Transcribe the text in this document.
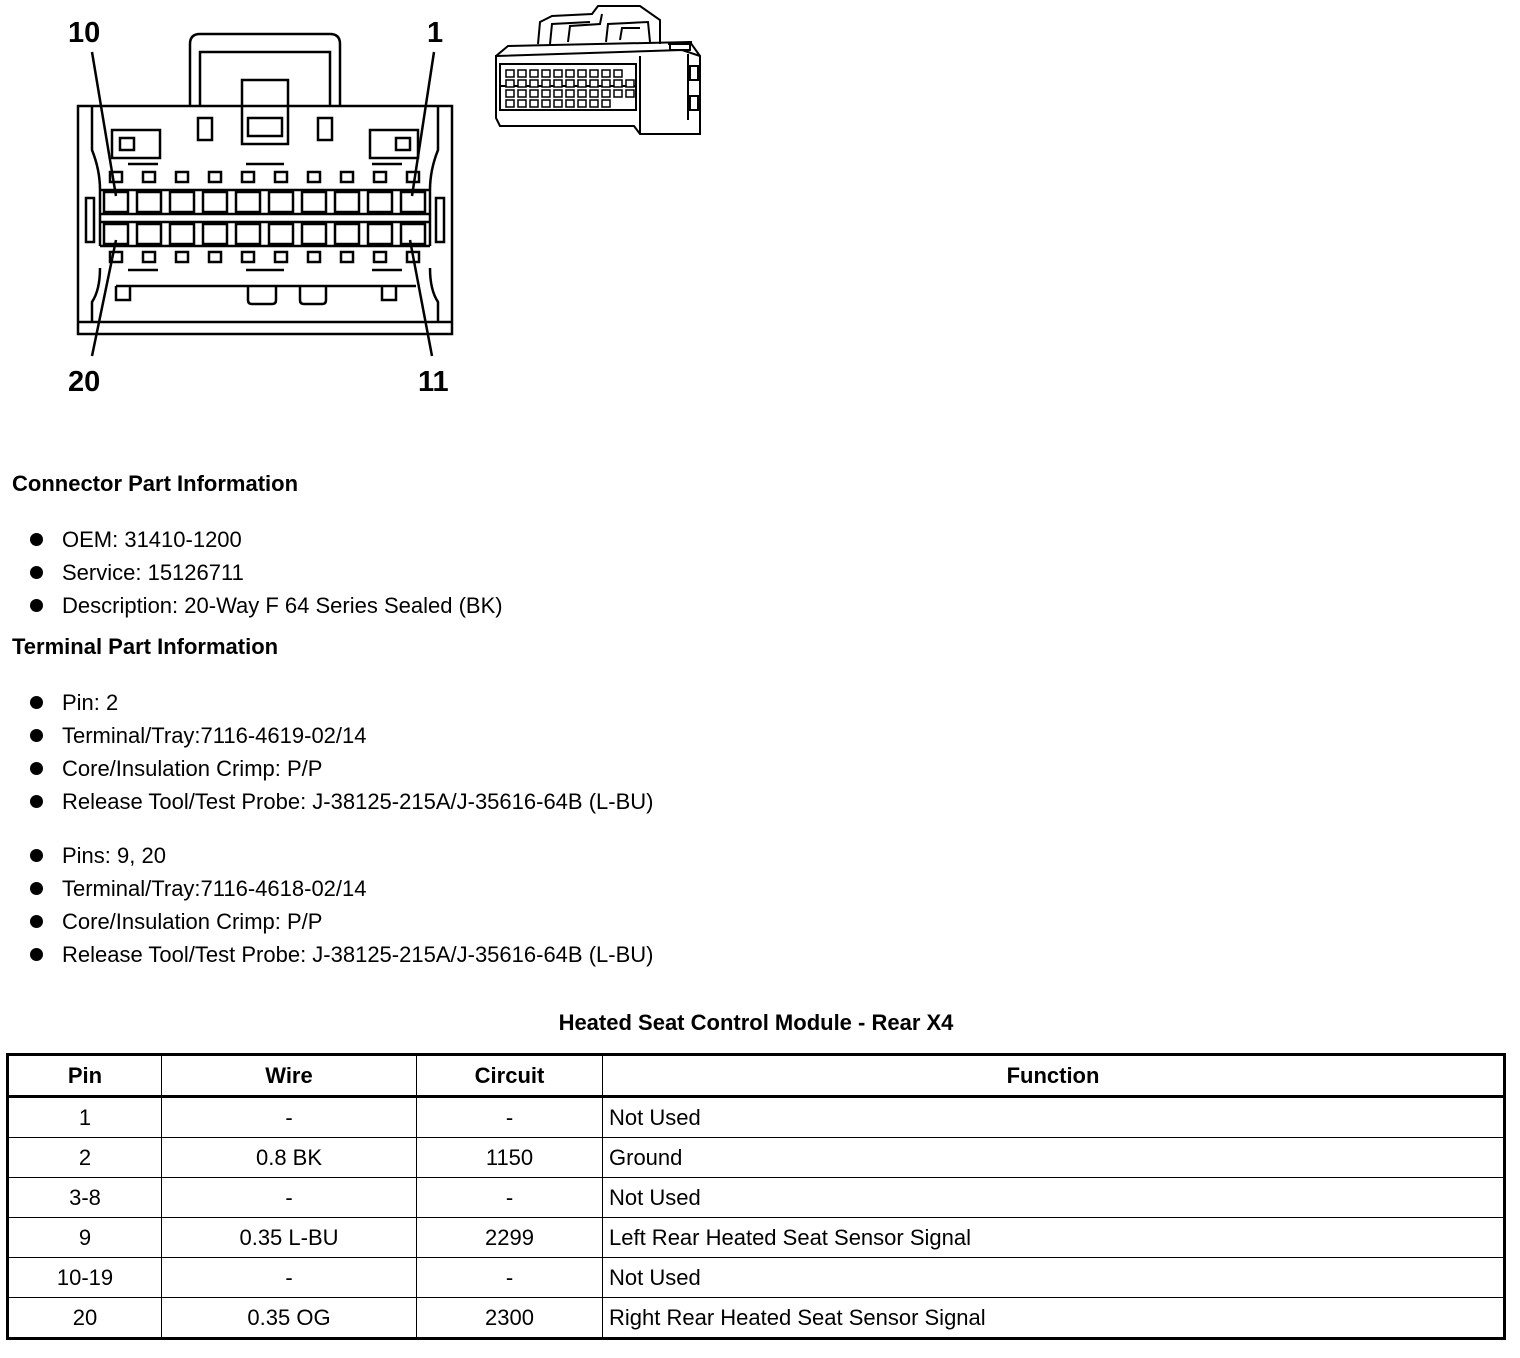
10	1
20	11
Connector Part Information
OEM: 31410-1200
Service: 15126711
Description: 20-Way F 64 Series Sealed (BK)
Terminal Part Information
Pin: 2
Terminal/Tray:7116-4619-02/14
Core/Insulation Crimp: P/P
Release Tool/Test Probe: J-38125-215A/J-35616-64B (L-BU)
Pins: 9, 20
Terminal/Tray:7116-4618-02/14
Core/Insulation Crimp: P/P
Release Tool/Test Probe: J-38125-215A/J-35616-64B (L-BU)
Heated Seat Control Module - Rear X4
Pin	Wire	Circuit	Function
1	-	-	Not Used
2	0.8 BK	1150	Ground
3-8	-	-	Not Used
9	0.35 L-BU	2299	Left Rear Heated Seat Sensor Signal
10-19	-	-	Not Used
20	0.35 OG	2300	Right Rear Heated Seat Sensor Signal
